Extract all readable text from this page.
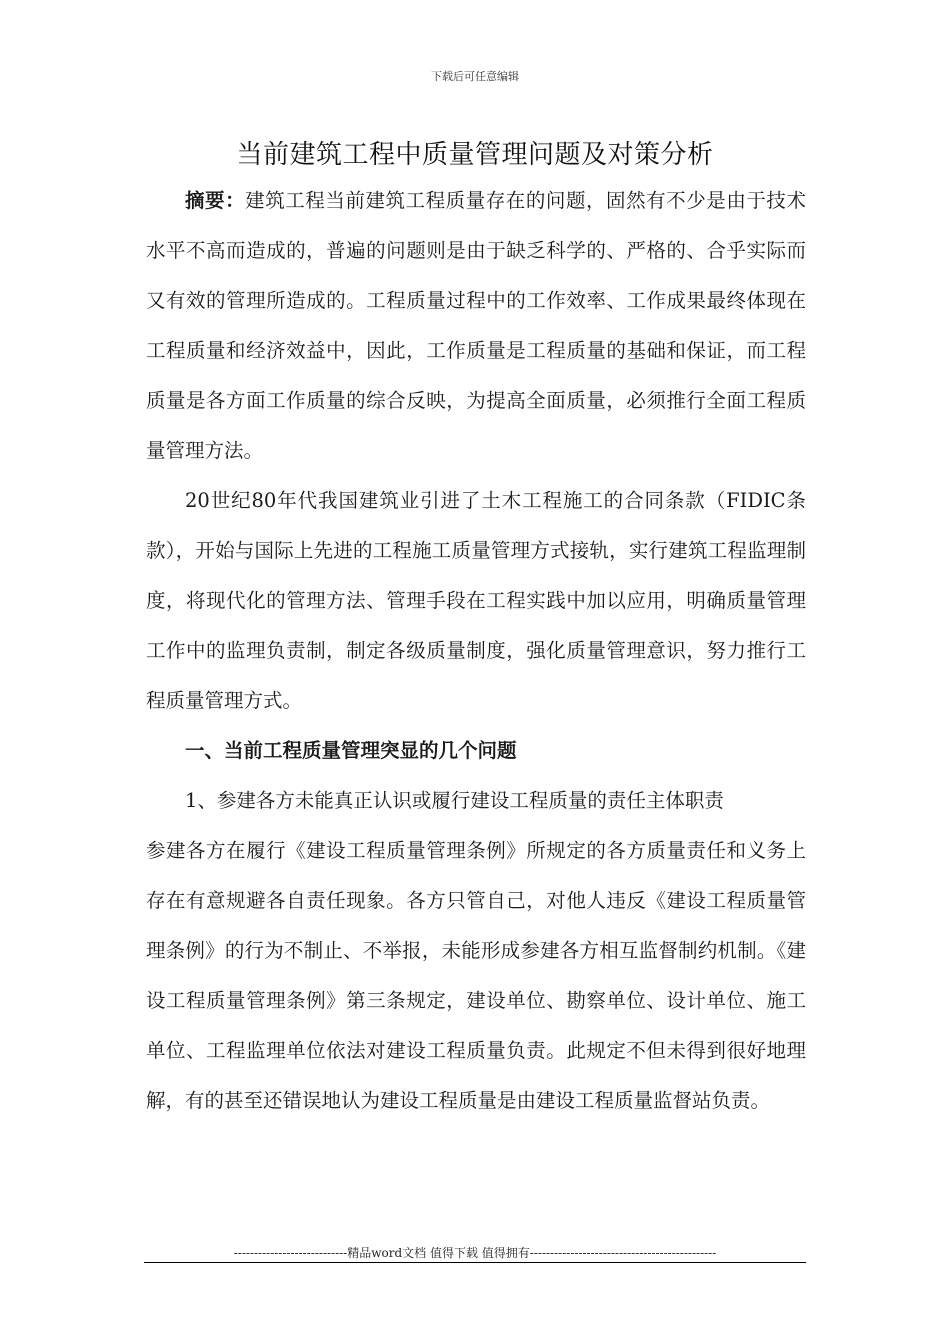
下载后可任意编辑
当前建筑工程中质量管理问题及对策分析

摘要：建筑工程当前建筑工程质量存在的问题，固然有不少是由于技术水平不高而造成的，普遍的问题则是由于缺乏科学的、严格的、合乎实际而又有效的管理所造成的。工程质量过程中的工作效率、工作成果最终体现在工程质量和经济效益中，因此，工作质量是工程质量的基础和保证，而工程质量是各方面工作质量的综合反映，为提高全面质量，必须推行全面工程质量管理方法。

20世纪80年代我国建筑业引进了土木工程施工的合同条款（FIDIC条款），开始与国际上先进的工程施工质量管理方式接轨，实行建筑工程监理制度，将现代化的管理方法、管理手段在工程实践中加以应用，明确质量管理工作中的监理负责制，制定各级质量制度，强化质量管理意识，努力推行工程质量管理方式。

一、当前工程质量管理突显的几个问题

1、参建各方未能真正认识或履行建设工程质量的责任主体职责

参建各方在履行《建设工程质量管理条例》所规定的各方质量责任和义务上存在有意规避各自责任现象。各方只管自己，对他人违反《建设工程质量管理条例》的行为不制止、不举报，未能形成参建各方相互监督制约机制。《建设工程质量管理条例》第三条规定，建设单位、勘察单位、设计单位、施工单位、工程监理单位依法对建设工程质量负责。此规定不但未得到很好地理解，有的甚至还错误地认为建设工程质量是由建设工程质量监督站负责。

----------------------------精品word文档 值得下载 值得拥有----------------------------------------------
